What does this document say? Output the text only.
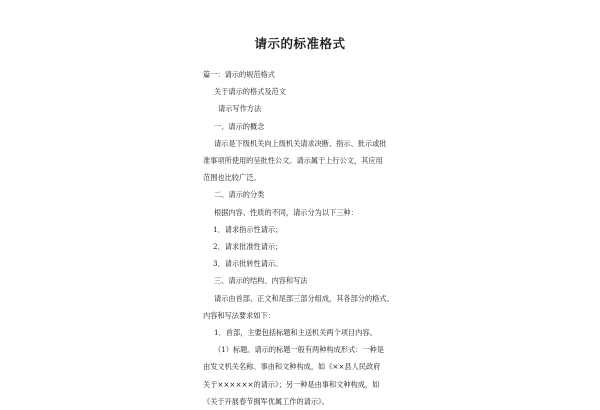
请示的标准格式
篇一：请示的规范格式
关于请示的格式及范文
请示写作方法
一、请示的概念
请示是下级机关向上级机关请求决断、指示、批示或批
准事项所使用的呈批性公文。请示属于上行公文，其应用
范围也比较广泛。
二、请示的分类
根据内容、性质的不同，请示分为以下三种：
1．请求指示性请示；
2．请求批准性请示；
3．请示批转性请示。
三、请示的结构、内容和写法
请示由首部、正文和尾部三部分组成，其各部分的格式、
内容和写法要求如下：
1．首部，主要包括标题和主送机关两个项目内容。
（1）标题。请示的标题一般有两种构成形式：一种是
由发文机关名称、事由和文种构成，如《××县人民政府
关于××××××的请示》；另一种是由事和文种构成，如
《关于开展春节拥军优属工作的请示》。
